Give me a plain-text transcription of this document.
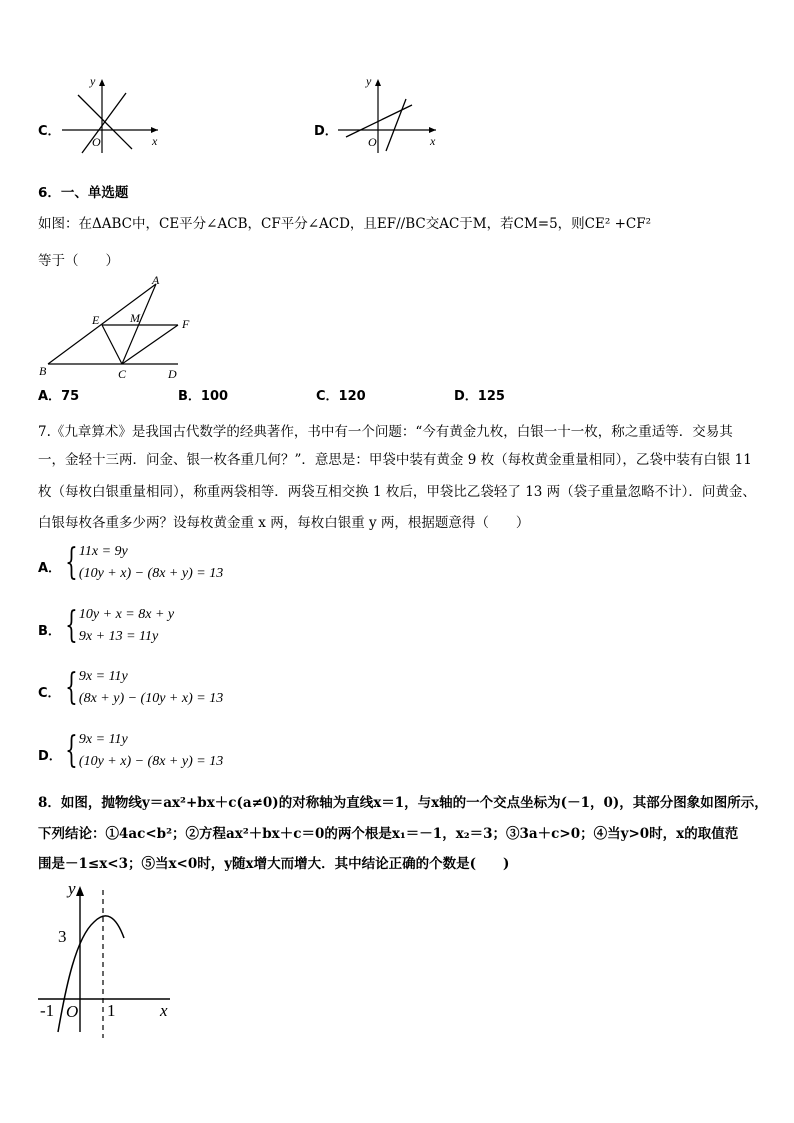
C．
y
x
O
D．
y
x
O
6．一、单选题
如图：在ΔABC中，CE平分∠ACB，CF平分∠ACD，且EF//BC交AC于M，若CM=5，则CE² +CF²
等于（　　）
A
B	C	D
E	F
M
A．75	B．100	C．120	D．125
7.《九章算术》是我国古代数学的经典著作，书中有一个问题：“今有黄金九枚，白银一十一枚，称之重适等．交易其
一，金轻十三两．问金、银一枚各重几何？”．意思是：甲袋中装有黄金 9 枚（每枚黄金重量相同），乙袋中装有白银 11
枚（每枚白银重量相同），称重两袋相等．两袋互相交换 1 枚后，甲袋比乙袋轻了 13 两（袋子重量忽略不计）．问黄金、
白银每枚各重多少两？设每枚黄金重 x 两，每枚白银重 y 两，根据题意得（　　）
A． { 11x = 9y
(10y + x) − (8x + y) = 13
B． { 10y + x = 8x + y
9x + 13 = 11y
C． { 9x = 11y
(8x + y) − (10y + x) = 13
D． { 9x = 11y
(10y + x) − (8x + y) = 13
8．如图，抛物线y＝ax²+bx＋c(a≠0)的对称轴为直线x＝1，与x轴的一个交点坐标为(－1，0)，其部分图象如图所示，
下列结论：①4ac<b²；②方程ax²＋bx＋c＝0的两个根是x₁＝－1，x₂＝3；③3a＋c>0；④当y>0时，x的取值范
围是－1≤x<3；⑤当x<0时，y随x增大而增大．其中结论正确的个数是(　　)
y
x
3
-1 O 1
